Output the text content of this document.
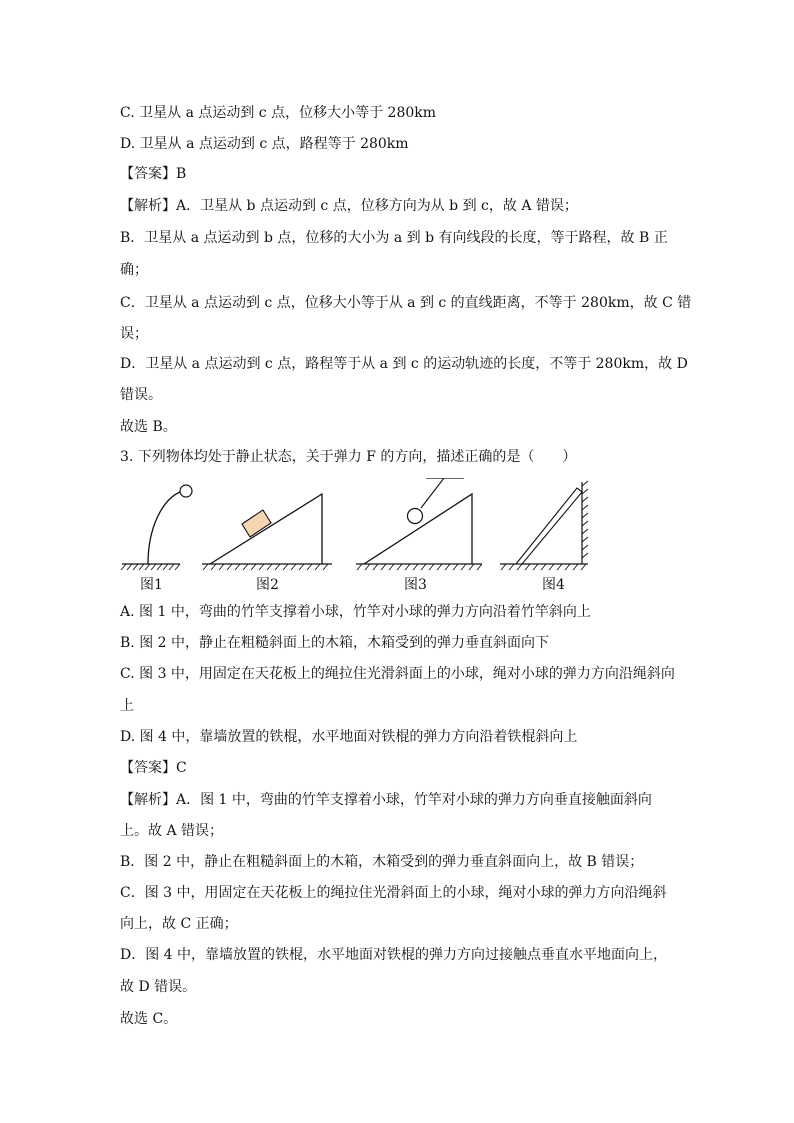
C. 卫星从 a 点运动到 c 点，位移大小等于 280km
D. 卫星从 a 点运动到 c 点，路程等于 280km
【答案】B
【解析】A．卫星从 b 点运动到 c 点，位移方向为从 b 到 c，故 A 错误；
B．卫星从 a 点运动到 b 点，位移的大小为 a 到 b 有向线段的长度，等于路程，故 B 正
确；
C．卫星从 a 点运动到 c 点，位移大小等于从 a 到 c 的直线距离，不等于 280km，故 C 错
误；
D．卫星从 a 点运动到 c 点，路程等于从 a 到 c 的运动轨迹的长度，不等于 280km，故 D
错误。
故选 B。
3. 下列物体均处于静止状态，关于弹力 F 的方向，描述正确的是（　　）
图1	图2	图3	图4
A. 图 1 中，弯曲的竹竿支撑着小球，竹竿对小球的弹力方向沿着竹竿斜向上
B. 图 2 中，静止在粗糙斜面上的木箱，木箱受到的弹力垂直斜面向下
C. 图 3 中，用固定在天花板上的绳拉住光滑斜面上的小球，绳对小球的弹力方向沿绳斜向
上
D. 图 4 中，靠墙放置的铁棍，水平地面对铁棍的弹力方向沿着铁棍斜向上
【答案】C
【解析】A．图 1 中，弯曲的竹竿支撑着小球，竹竿对小球的弹力方向垂直接触面斜向
上。故 A 错误；
B．图 2 中，静止在粗糙斜面上的木箱，木箱受到的弹力垂直斜面向上，故 B 错误；
C．图 3 中，用固定在天花板上的绳拉住光滑斜面上的小球，绳对小球的弹力方向沿绳斜
向上，故 C 正确；
D．图 4 中，靠墙放置的铁棍，水平地面对铁棍的弹力方向过接触点垂直水平地面向上，
故 D 错误。
故选 C。
